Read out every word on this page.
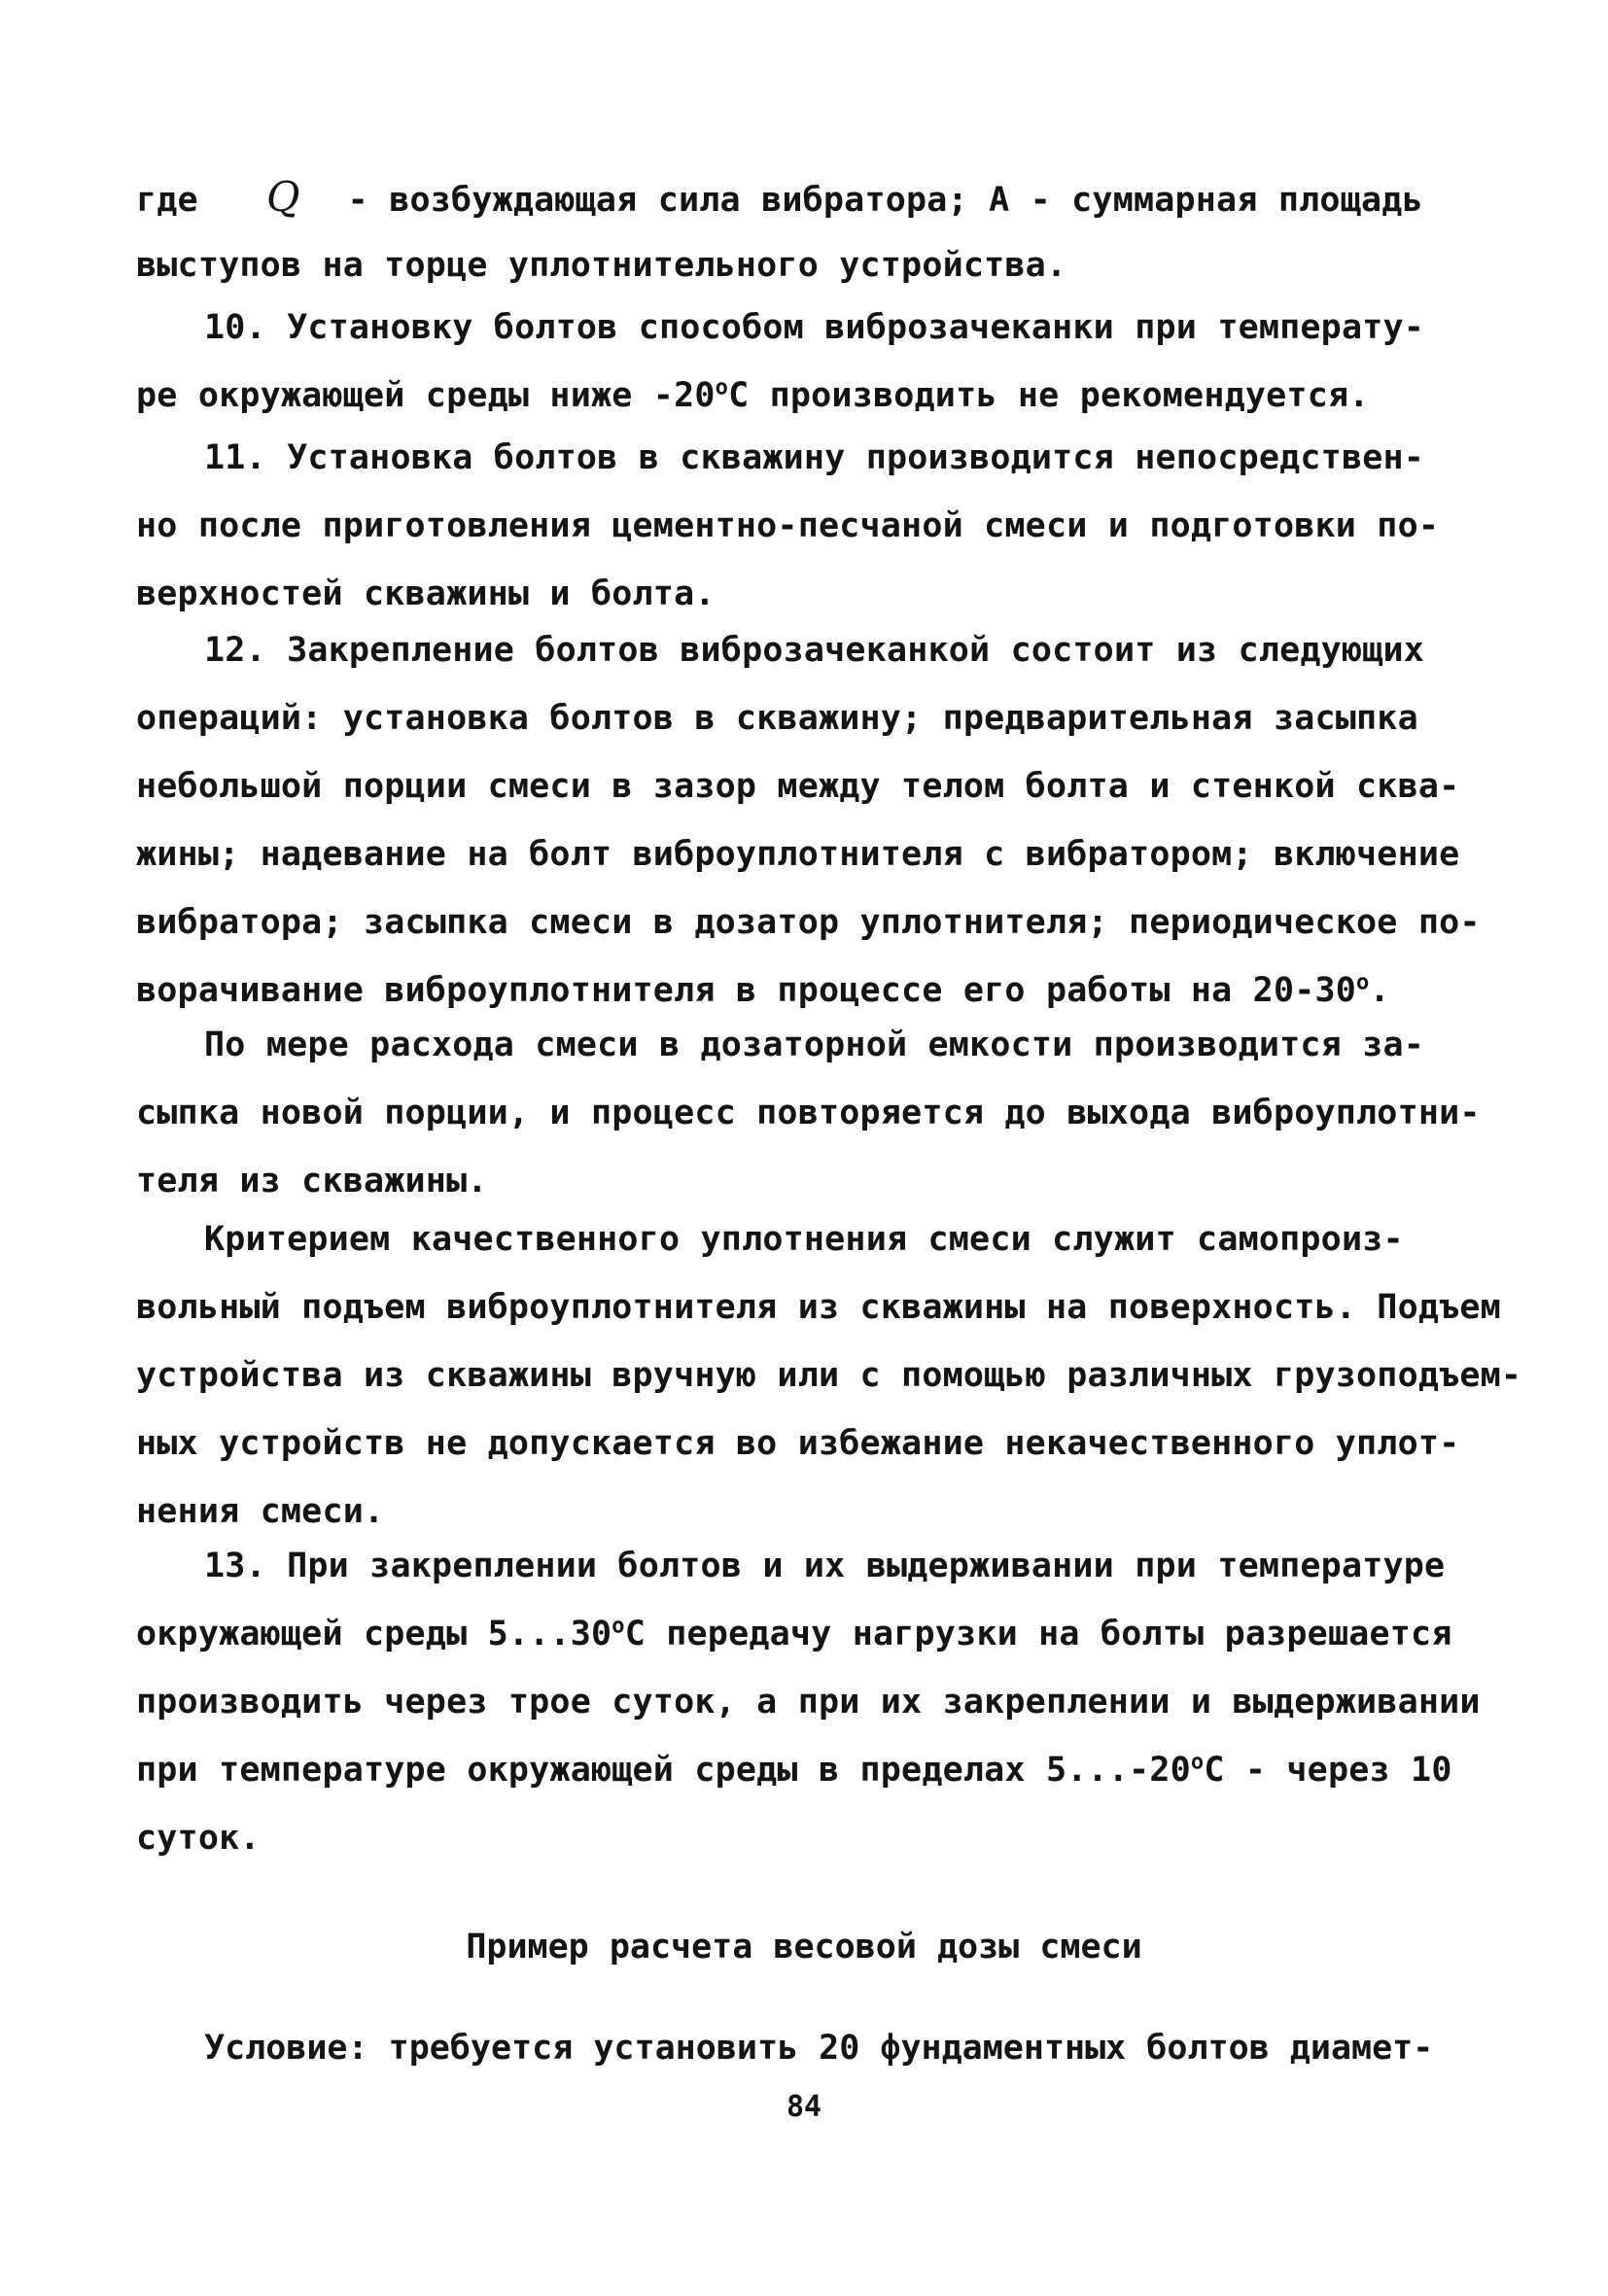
где Q - возбуждающая сила вибратора; А - суммарная площадь
выступов на торце уплотнительного устройства.
10. Установку болтов способом виброзачеканки при температу-
ре окружающей среды ниже $-20^оС$ производить не рекомендуется.
11. Установка болтов в скважину производится непосредствен-
но после приготовления цементно-песчаной смеси и подготовки по-
верхностей скважины и болта.
12. Закрепление болтов виброзачеканкой состоит из следующих
операций: установка болтов в скважину; предварительная засыпка
небольшой порции смеси в зазор между телом болта и стенкой сква-
жины; надевание на болт виброуплотнителя с вибратором; включение
вибратора; засыпка смеси в дозатор уплотнителя; периодическое по-
ворачивание виброуплотнителя в процессе его работы на $20-30^о$.
По мере расхода смеси в дозаторной емкости производится за-
сыпка новой порции, и процесс повторяется до выхода виброуплотни-
теля из скважины.
Критерием качественного уплотнения смеси служит самопроиз-
вольный подъем виброуплотнителя из скважины на поверхность. Подъем
устройства из скважины вручную или с помощью различных грузоподъем-
ных устройств не допускается во избежание некачественного уплот-
нения смеси.
13. При закреплении болтов и их выдерживании при температуре
окружающей среды $5...30^оС$ передачу нагрузки на болты разрешается
производить через трое суток, а при их закреплении и выдерживании
при температуре окружающей среды в пределах $5...-20^оС$ - через 10
суток.
Пример расчета весовой дозы смеси
Условие: требуется установить 20 фундаментных болтов диамет-
84
